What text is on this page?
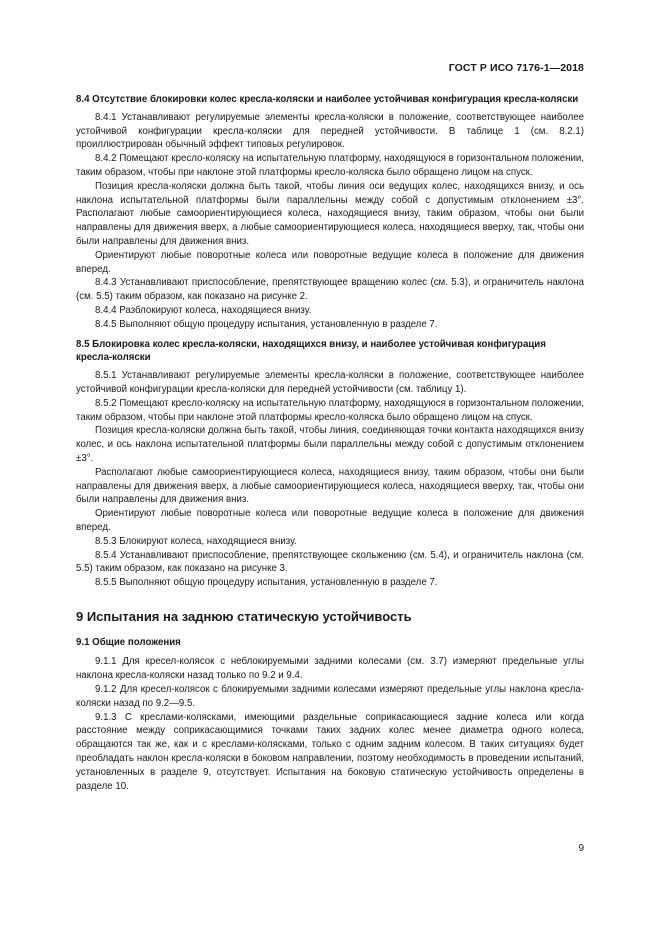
ГОСТ Р ИСО 7176-1—2018

8.4 Отсутствие блокировки колес кресла-коляски и наиболее устойчивая конфигурация кресла-коляски

8.4.1 Устанавливают регулируемые элементы кресла-коляски в положение, соответствующее наиболее устойчивой конфигурации кресла-коляски для передней устойчивости. В таблице 1 (см. 8.2.1) проиллюстрирован обычный эффект типовых регулировок.

8.4.2 Помещают кресло-коляску на испытательную платформу, находящуюся в горизонтальном положении, таким образом, чтобы при наклоне этой платформы кресло-коляска было обращено лицом на спуск.

Позиция кресла-коляски должна быть такой, чтобы линия оси ведущих колес, находящихся внизу, и ось наклона испытательной платформы были параллельны между собой с допустимым отклонением ±3°. Располагают любые самоориентирующиеся колеса, находящиеся внизу, таким образом, чтобы они были направлены для движения вверх, а любые самоориентирующиеся колеса, находящиеся вверху, так, чтобы они были направлены для движения вниз.

Ориентируют любые поворотные колеса или поворотные ведущие колеса в положение для движения вперед.

8.4.3 Устанавливают приспособление, препятствующее вращению колес (см. 5.3), и ограничитель наклона (см. 5.5) таким образом, как показано на рисунке 2.

8.4.4 Разблокируют колеса, находящиеся внизу.

8.4.5 Выполняют общую процедуру испытания, установленную в разделе 7.

8.5 Блокировка колес кресла-коляски, находящихся внизу, и наиболее устойчивая конфигурация кресла-коляски

8.5.1 Устанавливают регулируемые элементы кресла-коляски в положение, соответствующее наиболее устойчивой конфигурации кресла-коляски для передней устойчивости (см. таблицу 1).

8.5.2 Помещают кресло-коляску на испытательную платформу, находящуюся в горизонтальном положении, таким образом, чтобы при наклоне этой платформы кресло-коляска было обращено лицом на спуск.

Позиция кресла-коляски должна быть такой, чтобы линия, соединяющая точки контакта находящихся внизу колес, и ось наклона испытательной платформы были параллельны между собой с допустимым отклонением ±3°.

Располагают любые самоориентирующиеся колеса, находящиеся внизу, таким образом, чтобы они были направлены для движения вверх, а любые самоориентирующиеся колеса, находящиеся вверху, так, чтобы они были направлены для движения вниз.

Ориентируют любые поворотные колеса или поворотные ведущие колеса в положение для движения вперед.

8.5.3 Блокируют колеса, находящиеся внизу.

8.5.4 Устанавливают приспособление, препятствующее скольжению (см. 5.4), и ограничитель наклона (см. 5.5) таким образом, как показано на рисунке 3.

8.5.5 Выполняют общую процедуру испытания, установленную в разделе 7.

9 Испытания на заднюю статическую устойчивость

9.1 Общие положения

9.1.1 Для кресел-колясок с неблокируемыми задними колесами (см. 3.7) измеряют предельные углы наклона кресла-коляски назад только по 9.2 и 9.4.

9.1.2 Для кресел-колясок с блокируемыми задними колесами измеряют предельные углы наклона кресла-коляски назад по 9.2—9.5.

9.1.3 С креслами-колясками, имеющими раздельные соприкасающиеся задние колеса или когда расстояние между соприкасающимися точками таких задних колес менее диаметра одного колеса, обращаются так же, как и с креслами-колясками, только с одним задним колесом. В таких ситуациях будет преобладать наклон кресла-коляски в боковом направлении, поэтому необходимость в проведении испытаний, установленных в разделе 9, отсутствует. Испытания на боковую статическую устойчивость определены в разделе 10.

9
